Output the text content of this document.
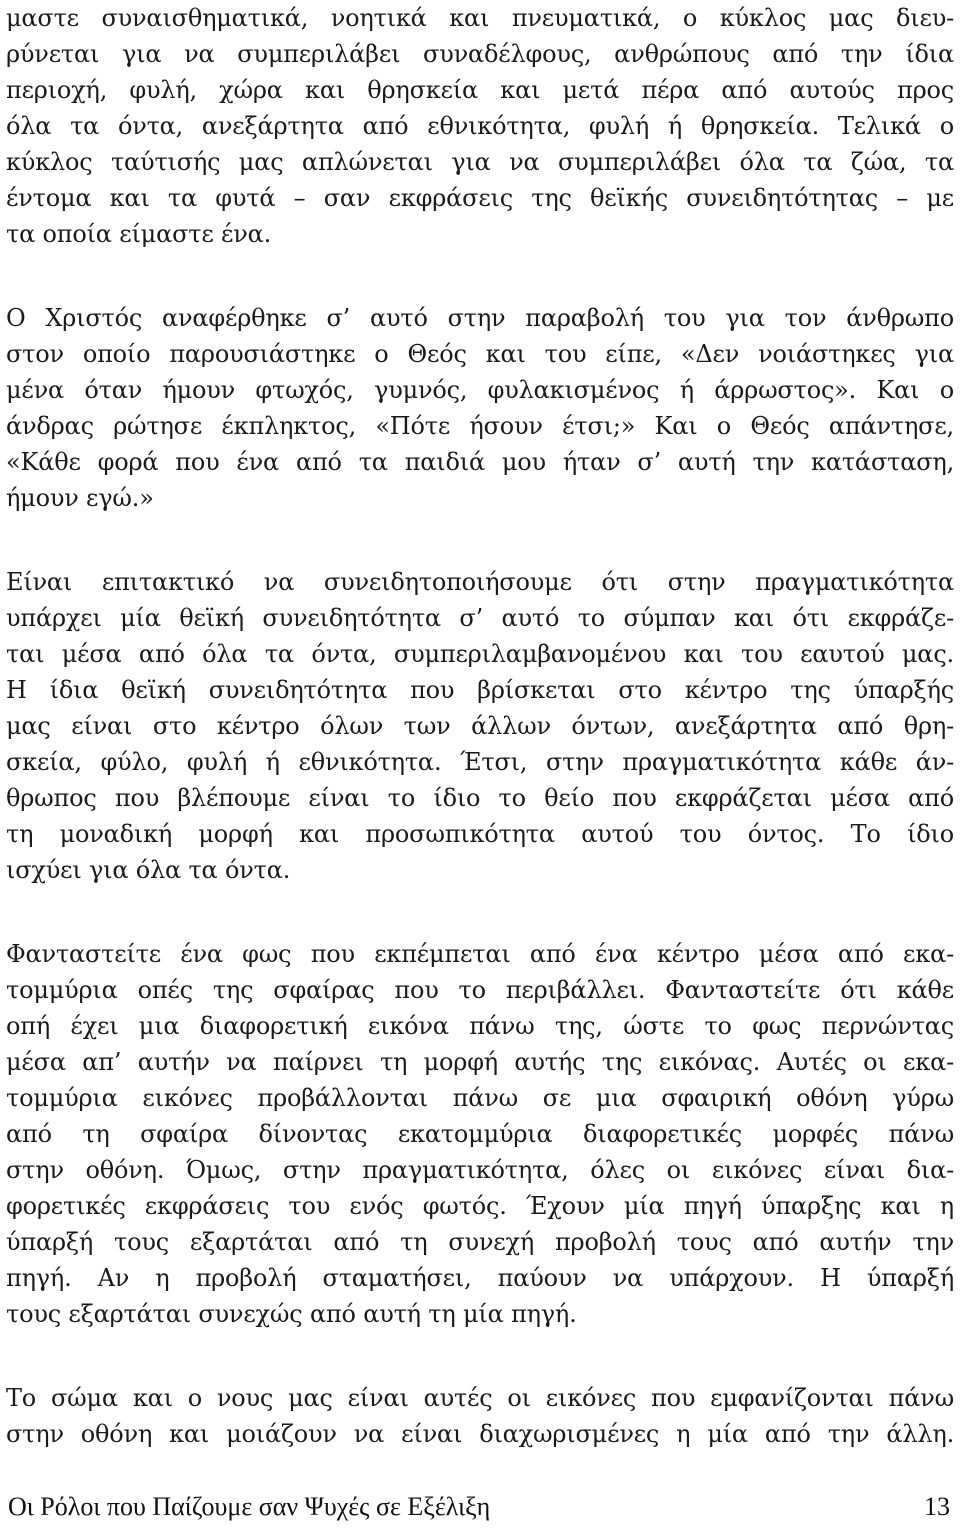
μαστε συναισθηματικά, νοητικά και πνευματικά, ο κύκλος μας διευ-
ρύνεται για να συμπεριλάβει συναδέλφους, ανθρώπους από την ίδια
περιοχή, φυλή, χώρα και θρησκεία και μετά πέρα από αυτούς προς
όλα τα όντα, ανεξάρτητα από εθνικότητα, φυλή ή θρησκεία. Τελικά ο
κύκλος ταύτισής μας απλώνεται για να συμπεριλάβει όλα τα ζώα, τα
έντομα και τα φυτά – σαν εκφράσεις της θεϊκής συνειδητότητας – με
τα οποία είμαστε ένα.
Ο Χριστός αναφέρθηκε σ’ αυτό στην παραβολή του για τον άνθρωπο
στον οποίο παρουσιάστηκε ο Θεός και του είπε, «Δεν νοιάστηκες για
μένα όταν ήμουν φτωχός, γυμνός, φυλακισμένος ή άρρωστος». Και ο
άνδρας ρώτησε έκπληκτος, «Πότε ήσουν έτσι;» Και ο Θεός απάντησε,
«Κάθε φορά που ένα από τα παιδιά μου ήταν σ’ αυτή την κατάσταση,
ήμουν εγώ.»
Είναι επιτακτικό να συνειδητοποιήσουμε ότι στην πραγματικότητα
υπάρχει μία θεϊκή συνειδητότητα σ’ αυτό το σύμπαν και ότι εκφράζε-
ται μέσα από όλα τα όντα, συμπεριλαμβανομένου και του εαυτού μας.
Η ίδια θεϊκή συνειδητότητα που βρίσκεται στο κέντρο της ύπαρξής
μας είναι στο κέντρο όλων των άλλων όντων, ανεξάρτητα από θρη-
σκεία, φύλο, φυλή ή εθνικότητα. Έτσι, στην πραγματικότητα κάθε άν-
θρωπος που βλέπουμε είναι το ίδιο το θείο που εκφράζεται μέσα από
τη μοναδική μορφή και προσωπικότητα αυτού του όντος. Το ίδιο
ισχύει για όλα τα όντα.
Φανταστείτε ένα φως που εκπέμπεται από ένα κέντρο μέσα από εκα-
τομμύρια οπές της σφαίρας που το περιβάλλει. Φανταστείτε ότι κάθε
οπή έχει μια διαφορετική εικόνα πάνω της, ώστε το φως περνώντας
μέσα απ’ αυτήν να παίρνει τη μορφή αυτής της εικόνας. Αυτές οι εκα-
τομμύρια εικόνες προβάλλονται πάνω σε μια σφαιρική οθόνη γύρω
από τη σφαίρα δίνοντας εκατομμύρια διαφορετικές μορφές πάνω
στην οθόνη. Όμως, στην πραγματικότητα, όλες οι εικόνες είναι δια-
φορετικές εκφράσεις του ενός φωτός. Έχουν μία πηγή ύπαρξης και η
ύπαρξή τους εξαρτάται από τη συνεχή προβολή τους από αυτήν την
πηγή. Αν η προβολή σταματήσει, παύουν να υπάρχουν. Η ύπαρξή
τους εξαρτάται συνεχώς από αυτή τη μία πηγή.
Το σώμα και ο νους μας είναι αυτές οι εικόνες που εμφανίζονται πάνω
στην οθόνη και μοιάζουν να είναι διαχωρισμένες η μία από την άλλη.
Οι Ρόλοι που Παίζουμε σαν Ψυχές σε Εξέλιξη	13
